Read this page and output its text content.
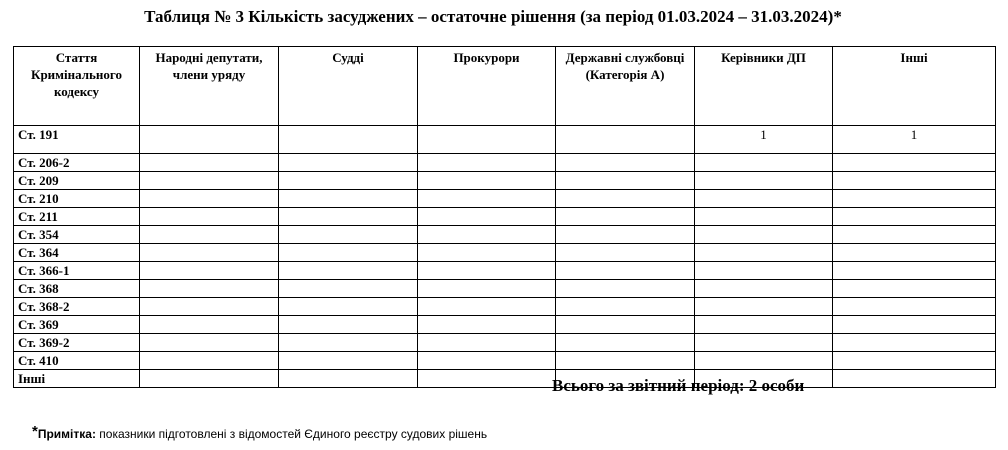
Таблиця № 3 Кількість засуджених – остаточне рішення (за період 01.03.2024 – 31.03.2024)*
Стаття Кримінального кодексу	Народні депутати, члени уряду	Судді	Прокурори	Державні службовці (Категорія А)	Керівники ДП	Інші
Ст. 191					1	1
Ст. 206-2						
Ст. 209						
Ст. 210						
Ст. 211						
Ст. 354						
Ст. 364						
Ст. 366-1						
Ст. 368						
Ст. 368-2						
Ст. 369						
Ст. 369-2						
Ст. 410						
Інші							Всього за звітний період: 2 особи
*Примітка: показники підготовлені з відомостей Єдиного реєстру судових рішень
